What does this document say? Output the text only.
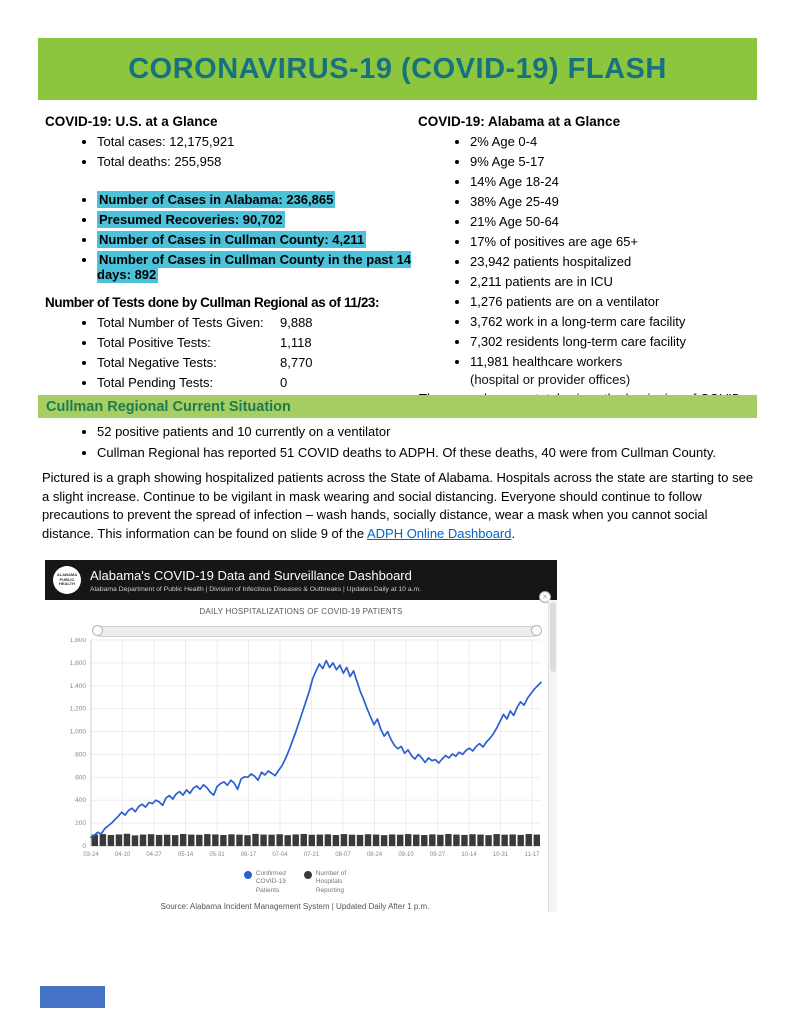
CORONAVIRUS-19 (COVID-19) FLASH
COVID-19: U.S. at a Glance
• Total cases: 12,175,921
• Total deaths: 255,958
• Number of Cases in Alabama: 236,865
• Presumed Recoveries: 90,702
• Number of Cases in Cullman County: 4,211
• Number of Cases in Cullman County in the past 14 days: 892
Number of Tests done by Cullman Regional as of 11/23:
• Total Number of Tests Given:	9,888
• Total Positive Tests:	1,118
• Total Negative Tests:	8,770
• Total Pending Tests:	0
COVID-19: Alabama at a Glance
• 2% Age 0-4
• 9% Age 5-17
• 14% Age 18-24
• 38% Age 25-49
• 21% Age 50-64
• 17% of positives are age 65+
• 23,942 patients hospitalized
• 2,211 patients are in ICU
• 1,276 patients are on a ventilator
• 3,762 work in a long-term care facility
• 7,302 residents long-term care facility
• 11,981 healthcare workers
(hospital or provider offices)
Cullman Regional Current Situation
• 52 positive patients and 10 currently on a ventilator
• Cullman Regional has reported 51 COVID deaths to ADPH. Of these deaths, 40 were from Cullman County.
Pictured is a graph showing hospitalized patients across the State of Alabama. Hospitals across the state are starting to see a slight increase. Continue to be vigilant in mask wearing and social distancing. Everyone should continue to follow precautions to prevent the spread of infection – wash hands, socially distance, wear a mask when you cannot social distance. This information can be found on slide 9 of the ADPH Online Dashboard.
ALABAMA PUBLIC HEALTH
Alabama's COVID-19 Data and Surveillance Dashboard
Alabama Department of Public Health | Division of Infectious Diseases & Outbreaks | Updates Daily at 10 a.m.
✕
DAILY HOSPITALIZATIONS OF COVID-19 PATIENTS
03-24	04-10	04-27	05-14	05-31	06-17	07-04	07-21	08-07	08-24	09-10	09-27	10-14	10-31	11-17
0
200
400
600
800
1,000
1,200
1,400
1,600
1,800
Confirmed
COVID-19
Patients
Number of
Hospitals
Reporting
Source: Alabama Incident Management System | Updated Daily After 1 p.m.
